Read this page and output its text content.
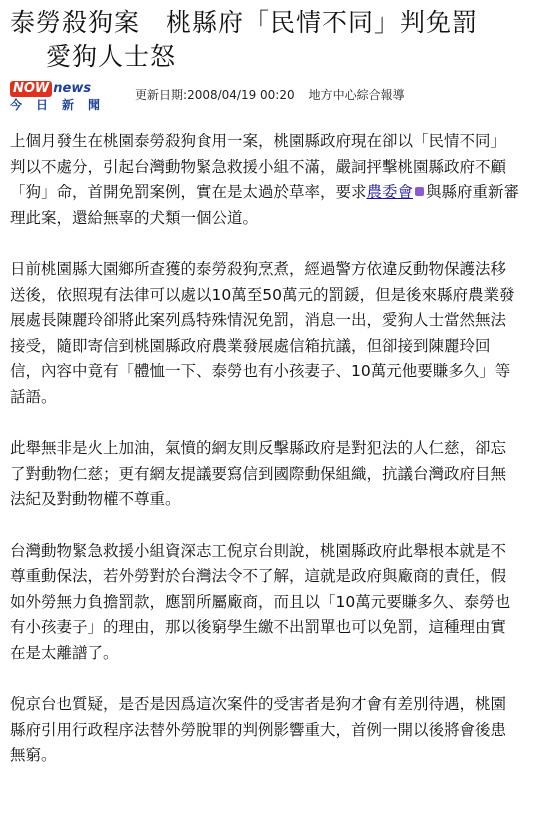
泰勞殺狗案　桃縣府「民情不同」判免罰
愛狗人士怒
NOW news
今日新聞
更新日期:2008/04/19 00:20 地方中心綜合報導

上個月發生在桃園泰勞殺狗食用一案，桃園縣政府現在卻以「民情不同」
判以不處分，引起台灣動物緊急救援小組不滿，嚴詞抨擊桃園縣政府不顧
「狗」命，首開免罰案例，實在是太過於草率，要求農委會 與縣府重新審
理此案，還給無辜的犬類一個公道。

日前桃園縣大園鄉所查獲的泰勞殺狗烹煮，經過警方依違反動物保護法移
送後，依照現有法律可以處以10萬至50萬元的罰鍰，但是後來縣府農業發
展處長陳麗玲卻將此案列爲特殊情況免罰，消息一出，愛狗人士當然無法
接受，隨即寄信到桃園縣政府農業發展處信箱抗議，但卻接到陳麗玲回
信，內容中竟有「體恤一下、泰勞也有小孩妻子、10萬元他要賺多久」等
話語。

此舉無非是火上加油，氣憤的網友則反擊縣政府是對犯法的人仁慈，卻忘
了對動物仁慈；更有網友提議要寫信到國際動保組織，抗議台灣政府目無
法紀及對動物權不尊重。

台灣動物緊急救援小組資深志工倪京台則說，桃園縣政府此舉根本就是不
尊重動保法，若外勞對於台灣法令不了解，這就是政府與廠商的責任，假
如外勞無力負擔罰款，應罰所屬廠商，而且以「10萬元要賺多久、泰勞也
有小孩妻子」的理由，那以後窮學生繳不出罰單也可以免罰，這種理由實
在是太離譜了。

倪京台也質疑，是否是因爲這次案件的受害者是狗才會有差別待遇，桃園
縣府引用行政程序法替外勞脫罪的判例影響重大，首例一開以後將會後患
無窮。
